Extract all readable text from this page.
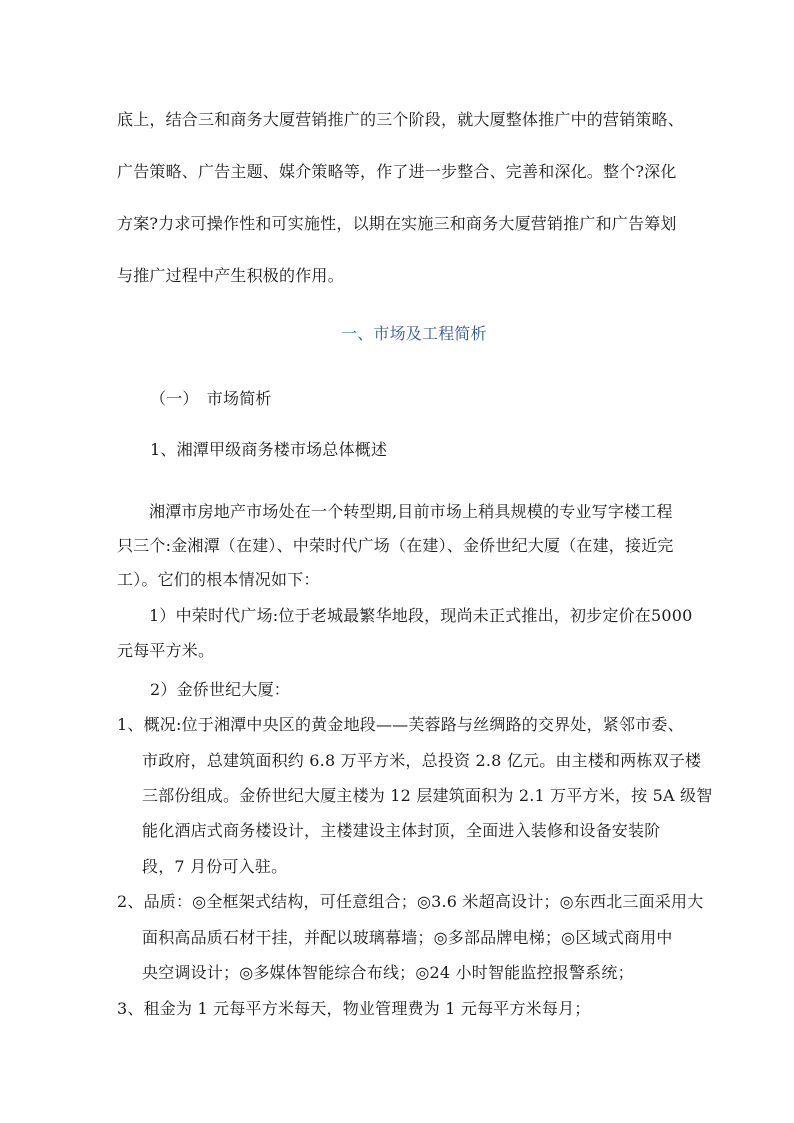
底上，结合三和商务大厦营销推广的三个阶段，就大厦整体推广中的营销策略、
广告策略、广告主题、媒介策略等，作了进一步整合、完善和深化。整个?深化
方案?力求可操作性和可实施性，以期在实施三和商务大厦营销推广和广告筹划
与推广过程中产生积极的作用。
一、市场及工程简析
（一）　市场简析
1、湘潭甲级商务楼市场总体概述
湘潭市房地产市场处在一个转型期,目前市场上稍具规模的专业写字楼工程
只三个:金湘潭（在建）、中荣时代广场（在建）、金侨世纪大厦（在建，接近完
工）。它们的根本情况如下：
1）中荣时代广场:位于老城最繁华地段，现尚未正式推出，初步定价在5000
元每平方米。
2）金侨世纪大厦：
1、概况:位于湘潭中央区的黄金地段——芙蓉路与丝绸路的交界处，紧邻市委、
市政府，总建筑面积约 6.8 万平方米，总投资 2.8 亿元。由主楼和两栋双子楼
三部份组成。金侨世纪大厦主楼为 12 层建筑面积为 2.1 万平方米，按 5A 级智
能化酒店式商务楼设计，主楼建设主体封顶，全面进入装修和设备安装阶
段，7 月份可入驻。
2、品质：◎全框架式结构，可任意组合；◎3.6 米超高设计；◎东西北三面采用大
面积高品质石材干挂，并配以玻璃幕墙；◎多部品牌电梯；◎区域式商用中
央空调设计；◎多媒体智能综合布线；◎24 小时智能监控报警系统；
3、租金为 1 元每平方米每天，物业管理费为 1 元每平方米每月；
